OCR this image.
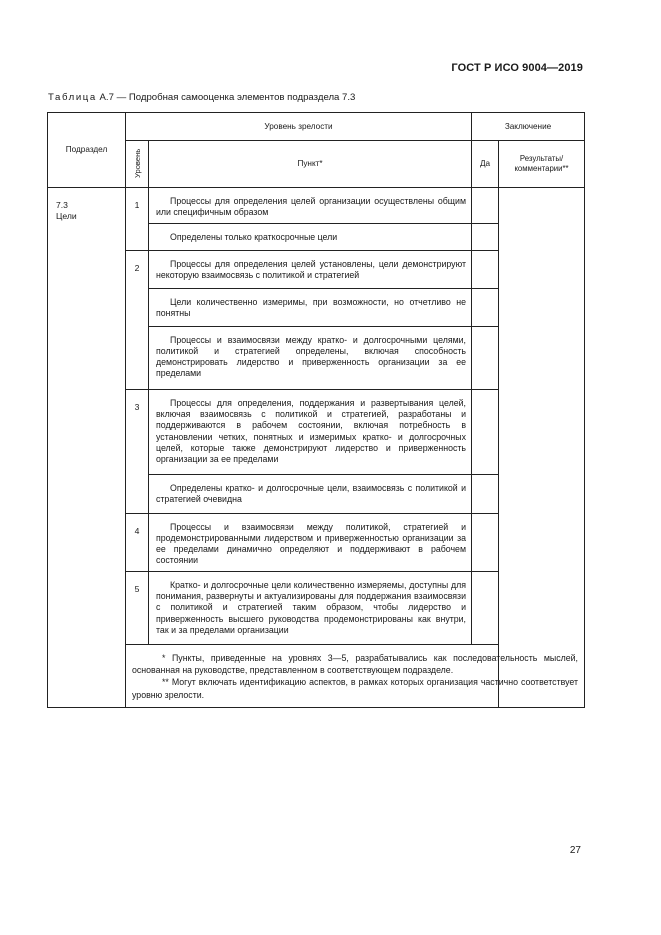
ГОСТ Р ИСО 9004—2019
Таблица А.7 — Подробная самооценка элементов подраздела 7.3
Подраздел	Уровень зрелости		Заключение	
	Уровень	Пункт*	Да	Результаты/ комментарии**

7.3
Цели	1	Процессы для определения целей организации осуществлены общим или специфичным образом		
		Определены только краткосрочные цели		
	2	Процессы для определения целей установлены, цели демонстрируют некоторую взаимосвязь с политикой и стратегией		
		Цели количественно измеримы, при возможности, но отчетливо не понятны		
		Процессы и взаимосвязи между кратко- и долгосрочными целями, политикой и стратегией определены, включая способность демонстрировать лидерство и приверженность организации за ее пределами		
	3	Процессы для определения, поддержания и развертывания целей, включая взаимосвязь с политикой и стратегией, разработаны и поддерживаются в рабочем состоянии, включая потребность в установлении четких, понятных и измеримых кратко- и долгосрочных целей, которые также демонстрируют лидерство и приверженность организации за ее пределами		
		Определены кратко- и долгосрочные цели, взаимосвязь с политикой и стратегией очевидна		
	4	Процессы и взаимосвязи между политикой, стратегией и продемонстрированными лидерством и приверженностью организации за ее пределами динамично определяют и поддерживают в рабочем состоянии		
	5	Кратко- и долгосрочные цели количественно измеряемы, доступны для понимания, развернуты и актуализированы для поддержания взаимосвязи с политикой и стратегией таким образом, чтобы лидерство и приверженность высшего руководства продемонстрированы как внутри, так и за пределами организации		

	* Пункты, приведенные на уровнях 3—5, разрабатывались как последовательность мыслей, основанная на руководстве, представленном в соответствующем подразделе.

** Могут включать идентификацию аспектов, в рамках которых организация частично соответствует уровню зрелости.			

27
